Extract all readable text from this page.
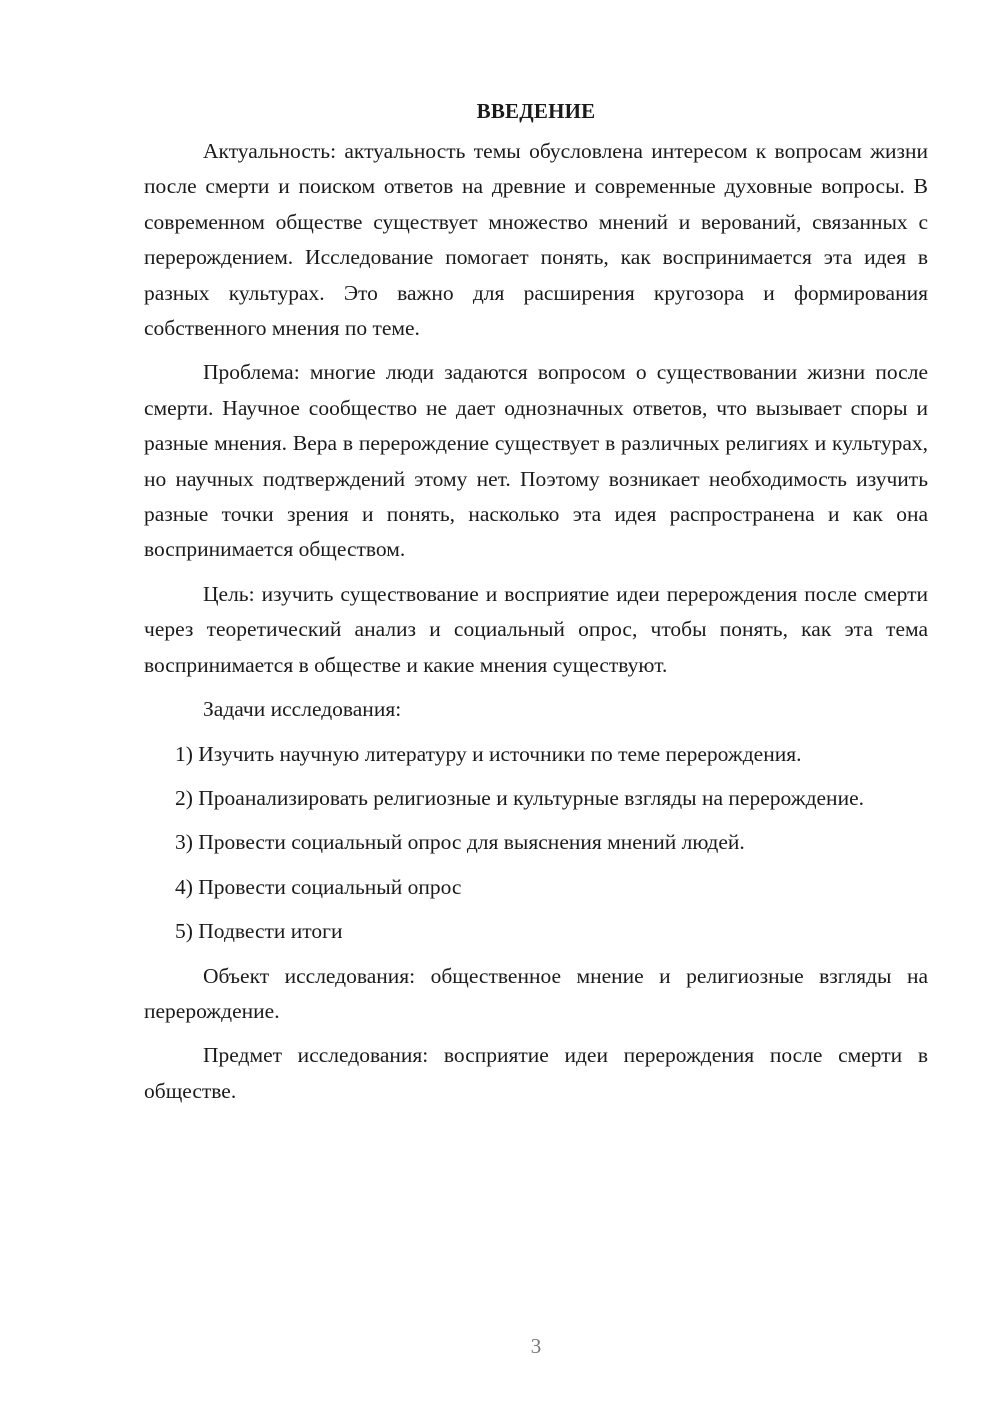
ВВЕДЕНИЕ

Актуальность: актуальность темы обусловлена интересом к вопросам жизни после смерти и поиском ответов на древние и современные духовные вопросы. В современном обществе существует множество мнений и верований, связанных с перерождением. Исследование помогает понять, как воспринимается эта идея в разных культурах. Это важно для расширения кругозора и формирования собственного мнения по теме.

Проблема: многие люди задаются вопросом о существовании жизни после смерти. Научное сообщество не дает однозначных ответов, что вызывает споры и разные мнения. Вера в перерождение существует в различных религиях и культурах, но научных подтверждений этому нет. Поэтому возникает необходимость изучить разные точки зрения и понять, насколько эта идея распространена и как она воспринимается обществом.

Цель: изучить существование и восприятие идеи перерождения после смерти через теоретический анализ и социальный опрос, чтобы понять, как эта тема воспринимается в обществе и какие мнения существуют.

Задачи исследования:

1) Изучить научную литературу и источники по теме перерождения.

2) Проанализировать религиозные и культурные взгляды на перерождение.

3) Провести социальный опрос для выяснения мнений людей.

4) Провести социальный опрос

5) Подвести итоги

Объект исследования: общественное мнение и религиозные взгляды на перерождение.

Предмет исследования: восприятие идеи перерождения после смерти в обществе.

3
